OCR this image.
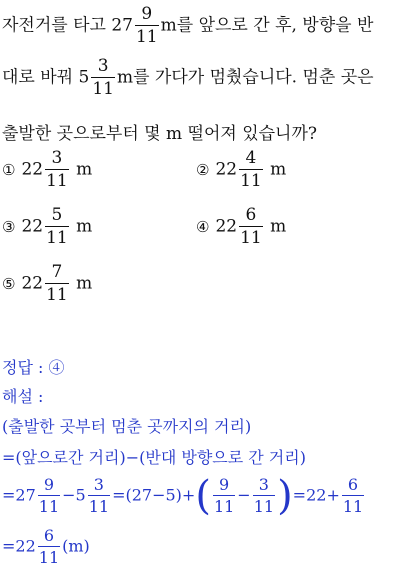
자전거를 타고 $27 \frac{9}{11}$ m를 앞으로 간 후, 방향을 반
대로 바꿔 $5 \frac{3}{11}$ m를 가다가 멈췄습니다. 멈춘 곳은
출발한 곳으로부터 몇 m 떨어져 있습니까?
① $22 \frac{3}{11}$ m	② $22 \frac{4}{11}$ m
③ $22 \frac{5}{11}$ m	④ $22 \frac{6}{11}$ m
⑤ $22 \frac{7}{11}$ m
정답 : ④
해설 :
(출발한 곳부터 멈춘 곳까지의 거리)
=(앞으로간 거리)−(반대 방향으로 간 거리)
$=27 \frac{9}{11} -5 \frac{3}{11} =(27-5)+( \frac{9}{11} - \frac{3}{11} )=22+ \frac{6}{11}$
$=22 \frac{6}{11} (m)$
